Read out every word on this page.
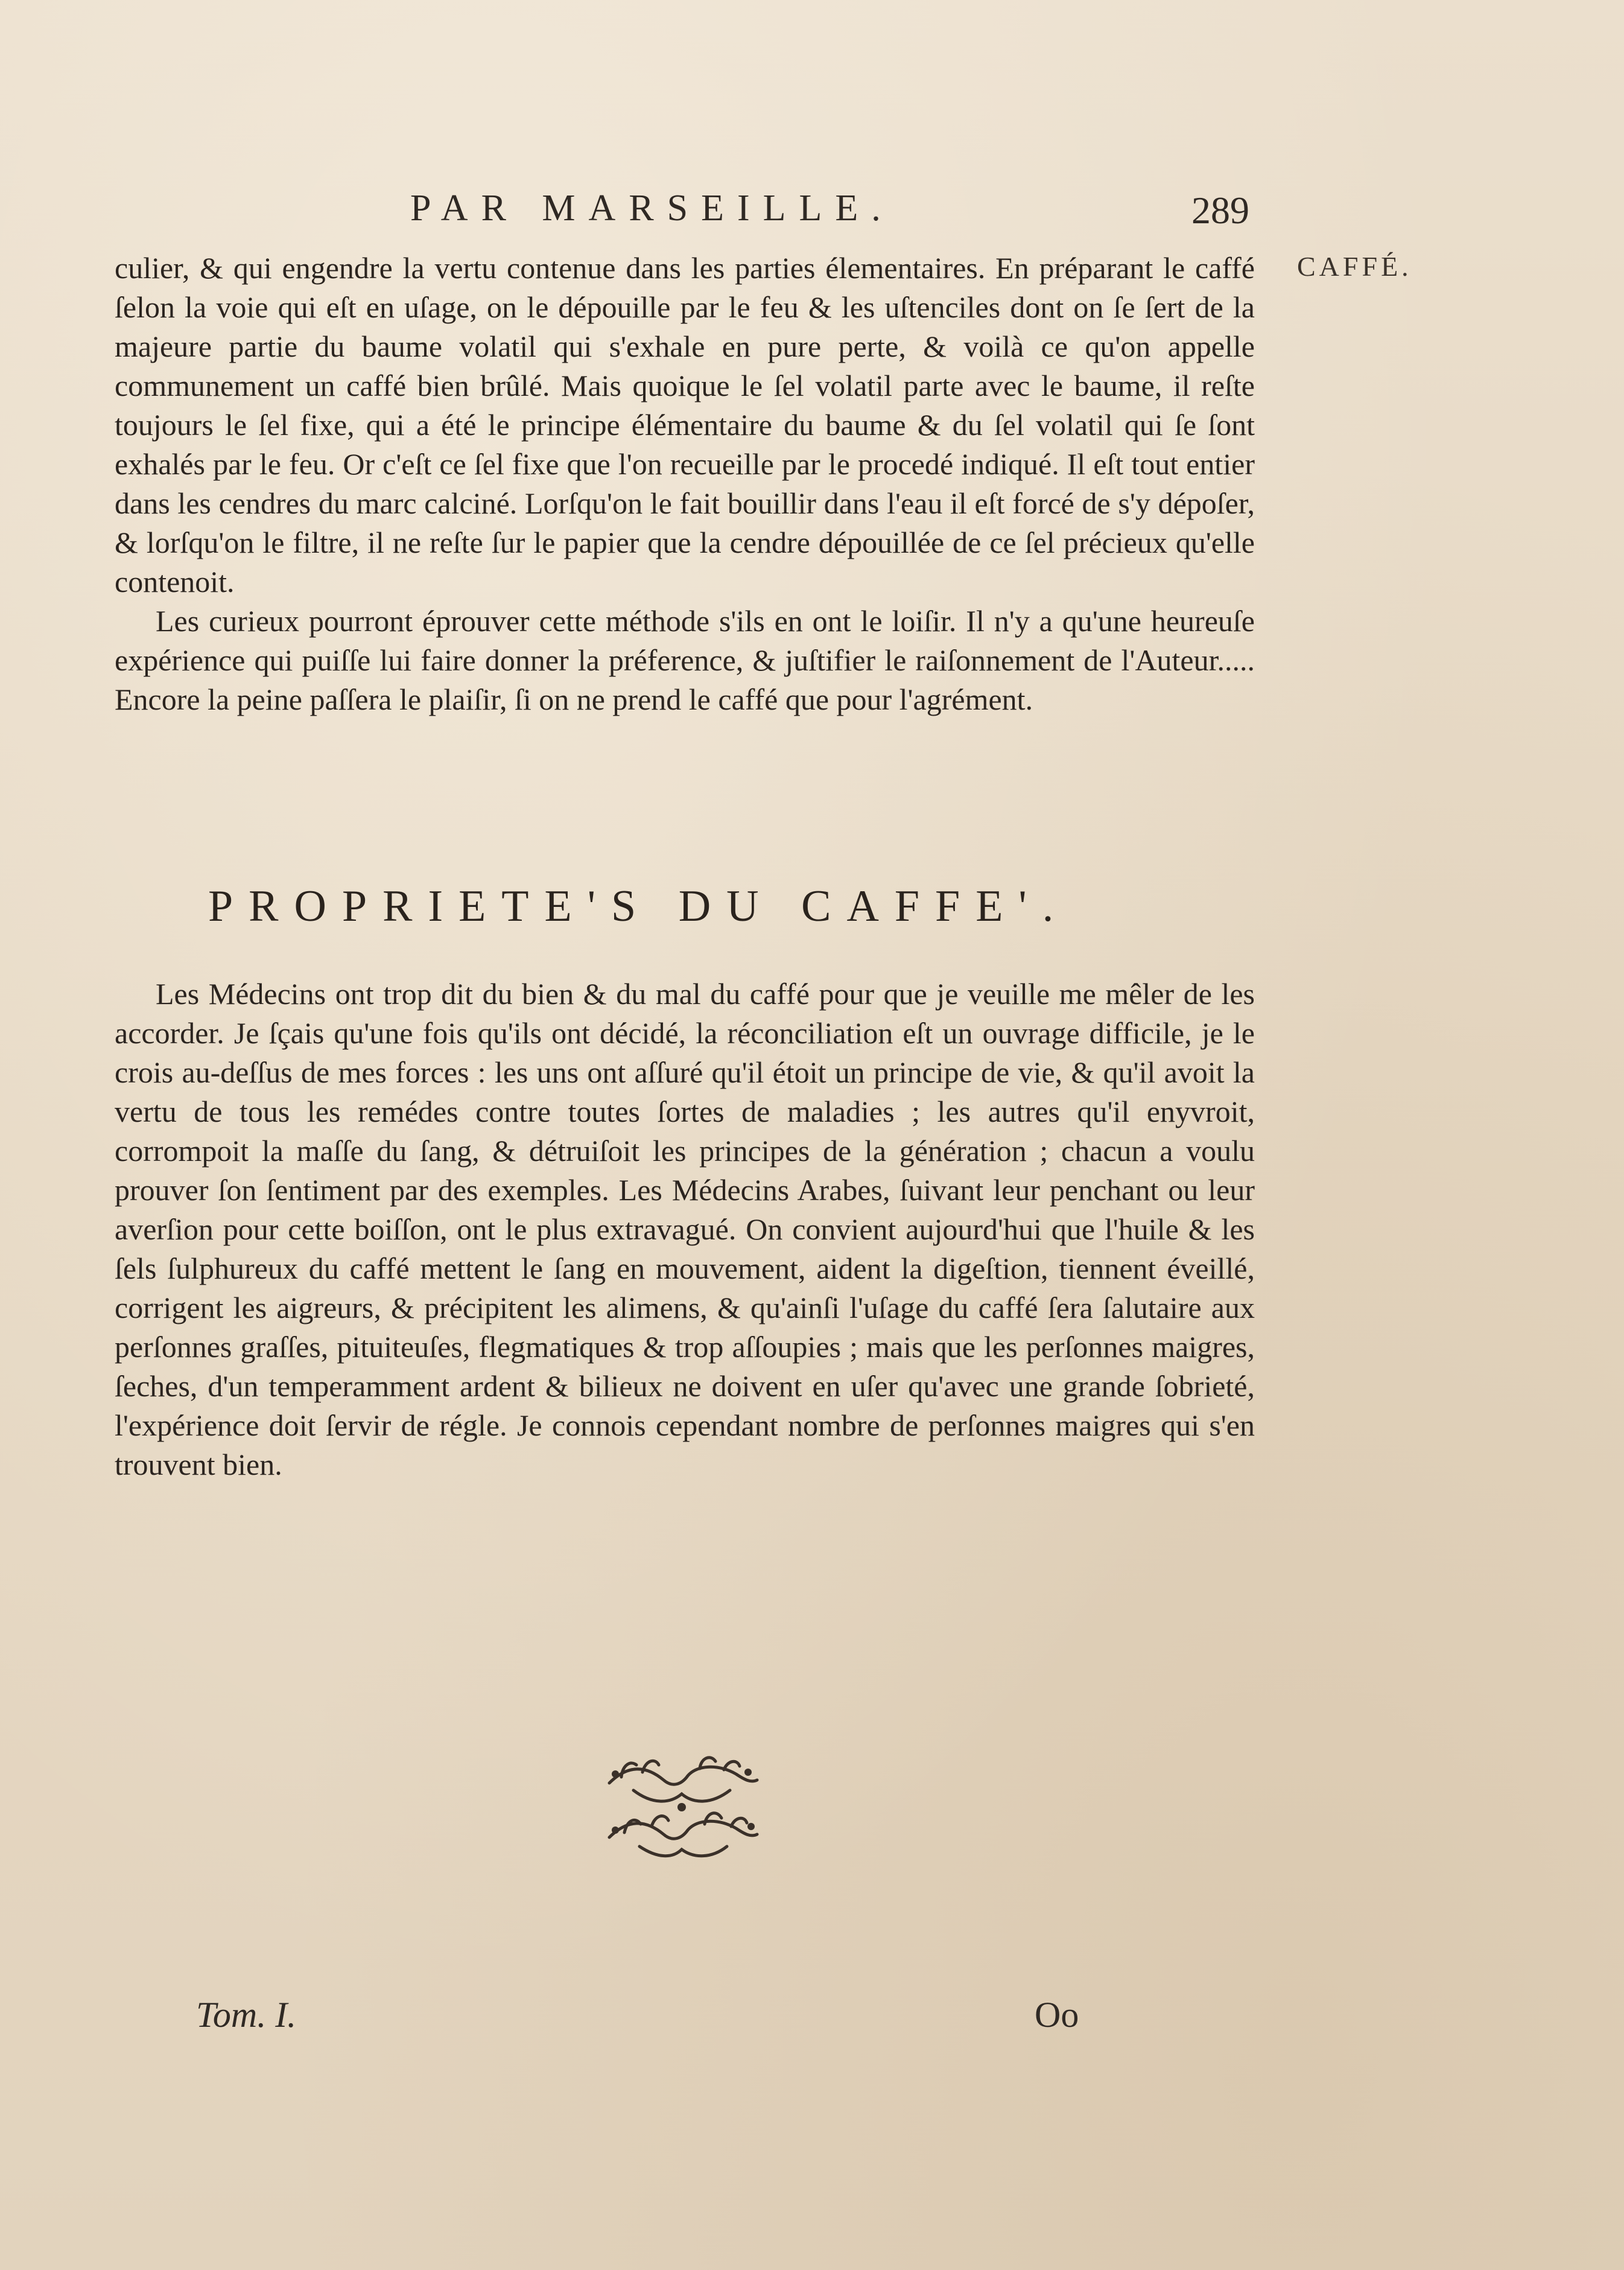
PAR MARSEILLE.	289
CAFFÉ.

culier, & qui engendre la vertu contenue dans les parties élementaires. En préparant le caffé ſelon la voie qui eſt en uſage, on le dépouille par le feu & les uſtenciles dont on ſe ſert de la majeure partie du baume volatil qui s'exhale en pure perte, & voilà ce qu'on appelle communement un caffé bien brûlé. Mais quoique le ſel volatil parte avec le baume, il reſte toujours le ſel fixe, qui a été le principe élémentaire du baume & du ſel volatil qui ſe ſont exhalés par le feu. Or c'eſt ce ſel fixe que l'on recueille par le procedé indiqué. Il eſt tout entier dans les cendres du marc calciné. Lorſqu'on le fait bouillir dans l'eau il eſt forcé de s'y dépoſer, & lorſqu'on le filtre, il ne reſte ſur le papier que la cendre dépouillée de ce ſel précieux qu'elle contenoit.

Les curieux pourront éprouver cette méthode s'ils en ont le loiſir. Il n'y a qu'une heureuſe expérience qui puiſſe lui faire donner la préference, & juſtifier le raiſonnement de l'Auteur..... Encore la peine paſſera le plaiſir, ſi on ne prend le caffé que pour l'agrément.

PROPRIETE'S DU CAFFE'.

Les Médecins ont trop dit du bien & du mal du caffé pour que je veuille me mêler de les accorder. Je ſçais qu'une fois qu'ils ont décidé, la réconciliation eſt un ouvrage difficile, je le crois au-deſſus de mes forces : les uns ont aſſuré qu'il étoit un principe de vie, & qu'il avoit la vertu de tous les remédes contre toutes ſortes de maladies ; les autres qu'il enyvroit, corrompoit la maſſe du ſang, & détruiſoit les principes de la génération ; chacun a voulu prouver ſon ſentiment par des exemples. Les Médecins Arabes, ſuivant leur penchant ou leur averſion pour cette boiſſon, ont le plus extravagué. On convient aujourd'hui que l'huile & les ſels ſulphureux du caffé mettent le ſang en mouvement, aident la digeſtion, tiennent éveillé, corrigent les aigreurs, & précipitent les alimens, & qu'ainſi l'uſage du caffé ſera ſalutaire aux perſonnes graſſes, pituiteuſes, flegmatiques & trop aſſoupies ; mais que les perſonnes maigres, ſeches, d'un temperamment ardent & bilieux ne doivent en uſer qu'avec une grande ſobrieté, l'expérience doit ſervir de régle. Je connois cependant nombre de perſonnes maigres qui s'en trouvent bien.

Tom. I.	Oo
